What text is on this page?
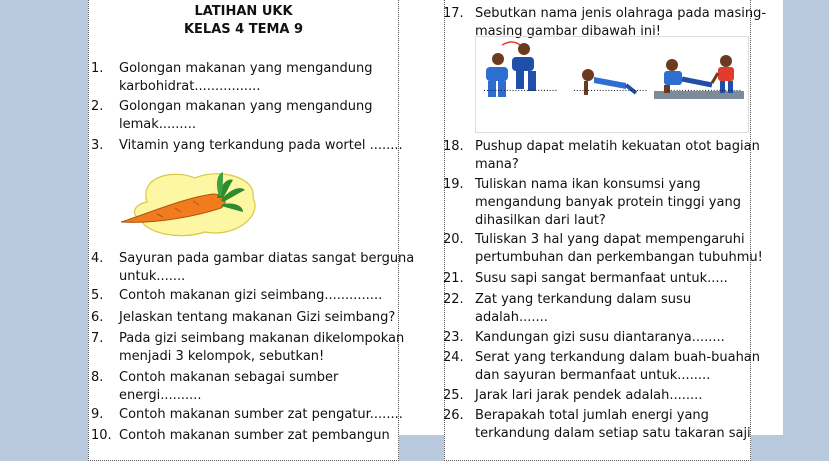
LATIHAN UKK
KELAS 4 TEMA 9
1. Golongan makanan yang mengandung
karbohidrat................
2. Golongan makanan yang mengandung
lemak.........
3. Vitamin yang terkandung pada wortel ........
4. Sayuran pada gambar diatas sangat berguna
untuk.......
5. Contoh makanan gizi seimbang..............
6. Jelaskan tentang makanan Gizi seimbang?
7. Pada gizi seimbang makanan dikelompokan
menjadi 3 kelompok, sebutkan!
8. Contoh makanan sebagai sumber
energi..........
9. Contoh makanan sumber zat pengatur........
10. Contoh makanan sumber zat pembangun
17. Sebutkan nama jenis olahraga pada masing-
masing gambar dibawah ini!
18. Pushup dapat melatih kekuatan otot bagian
mana?
19. Tuliskan nama ikan konsumsi yang
mengandung banyak protein tinggi yang
dihasilkan dari laut?
20. Tuliskan 3 hal yang dapat mempengaruhi
pertumbuhan dan perkembangan tubuhmu!
21. Susu sapi sangat bermanfaat untuk.....
22. Zat yang terkandung dalam susu
adalah.......
23. Kandungan gizi susu diantaranya........
24. Serat yang terkandung dalam buah-buahan
dan sayuran bermanfaat untuk........
25. Jarak lari jarak pendek adalah........
26. Berapakah total jumlah energi yang
terkandung dalam setiap satu takaran saji
.......................... .......................... ..........................
